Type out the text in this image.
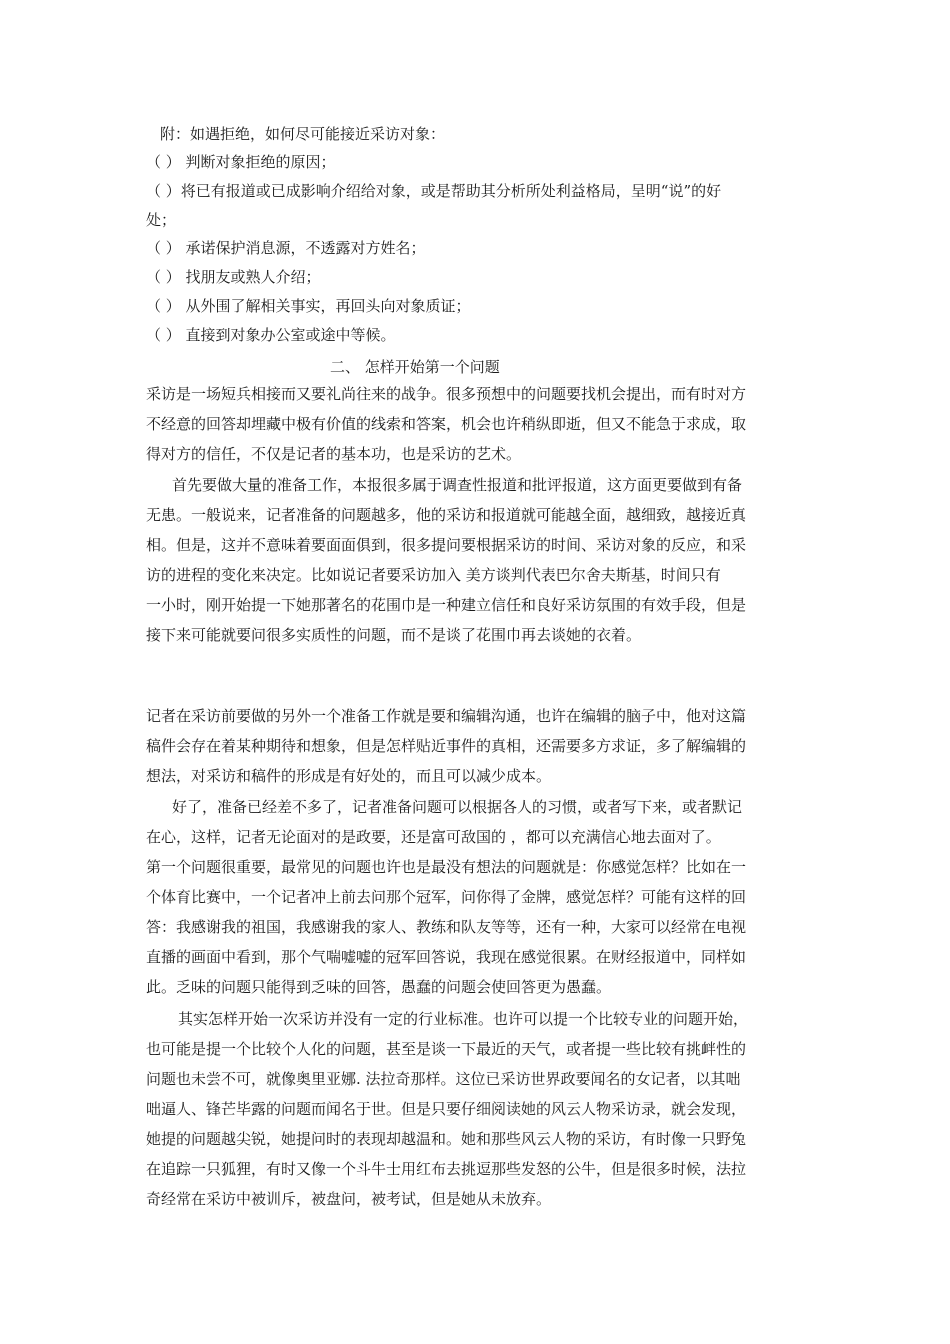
附：如遇拒绝，如何尽可能接近采访对象：
（ ） 判断对象拒绝的原因；
（ ）将已有报道或已成影响介绍给对象，或是帮助其分析所处利益格局，呈明“说”的好
处；
（ ） 承诺保护消息源，不透露对方姓名；
（ ） 找朋友或熟人介绍；
（ ） 从外围了解相关事实，再回头向对象质证；
（ ） 直接到对象办公室或途中等候。
二、 怎样开始第一个问题
采访是一场短兵相接而又要礼尚往来的战争。很多预想中的问题要找机会提出，而有时对方
不经意的回答却埋藏中极有价值的线索和答案，机会也许稍纵即逝，但又不能急于求成，取
得对方的信任，不仅是记者的基本功，也是采访的艺术。
首先要做大量的准备工作，本报很多属于调查性报道和批评报道，这方面更要做到有备
无患。一般说来，记者准备的问题越多，他的采访和报道就可能越全面，越细致，越接近真
相。但是，这并不意味着要面面俱到，很多提问要根据采访的时间、采访对象的反应，和采
访的进程的变化来决定。比如说记者要采访加入 美方谈判代表巴尔舍夫斯基，时间只有
一小时，刚开始提一下她那著名的花围巾是一种建立信任和良好采访氛围的有效手段，但是
接下来可能就要问很多实质性的问题，而不是谈了花围巾再去谈她的衣着。
记者在采访前要做的另外一个准备工作就是要和编辑沟通，也许在编辑的脑子中，他对这篇
稿件会存在着某种期待和想象，但是怎样贴近事件的真相，还需要多方求证，多了解编辑的
想法，对采访和稿件的形成是有好处的，而且可以减少成本。
好了，准备已经差不多了，记者准备问题可以根据各人的习惯，或者写下来，或者默记
在心，这样，记者无论面对的是政要，还是富可敌国的 ，都可以充满信心地去面对了。
第一个问题很重要，最常见的问题也许也是最没有想法的问题就是：你感觉怎样？比如在一
个体育比赛中，一个记者冲上前去问那个冠军，问你得了金牌，感觉怎样？可能有这样的回
答：我感谢我的祖国，我感谢我的家人、教练和队友等等，还有一种，大家可以经常在电视
直播的画面中看到，那个气喘嘘嘘的冠军回答说，我现在感觉很累。在财经报道中，同样如
此。乏味的问题只能得到乏味的回答，愚蠢的问题会使回答更为愚蠢。
其实怎样开始一次采访并没有一定的行业标准。也许可以提一个比较专业的问题开始，
也可能是提一个比较个人化的问题，甚至是谈一下最近的天气，或者提一些比较有挑衅性的
问题也未尝不可，就像奥里亚娜. 法拉奇那样。这位已采访世界政要闻名的女记者，以其咄
咄逼人、锋芒毕露的问题而闻名于世。但是只要仔细阅读她的风云人物采访录，就会发现，
她提的问题越尖锐，她提问时的表现却越温和。她和那些风云人物的采访，有时像一只野兔
在追踪一只狐狸，有时又像一个斗牛士用红布去挑逗那些发怒的公牛，但是很多时候，法拉
奇经常在采访中被训斥，被盘问，被考试，但是她从未放弃。
